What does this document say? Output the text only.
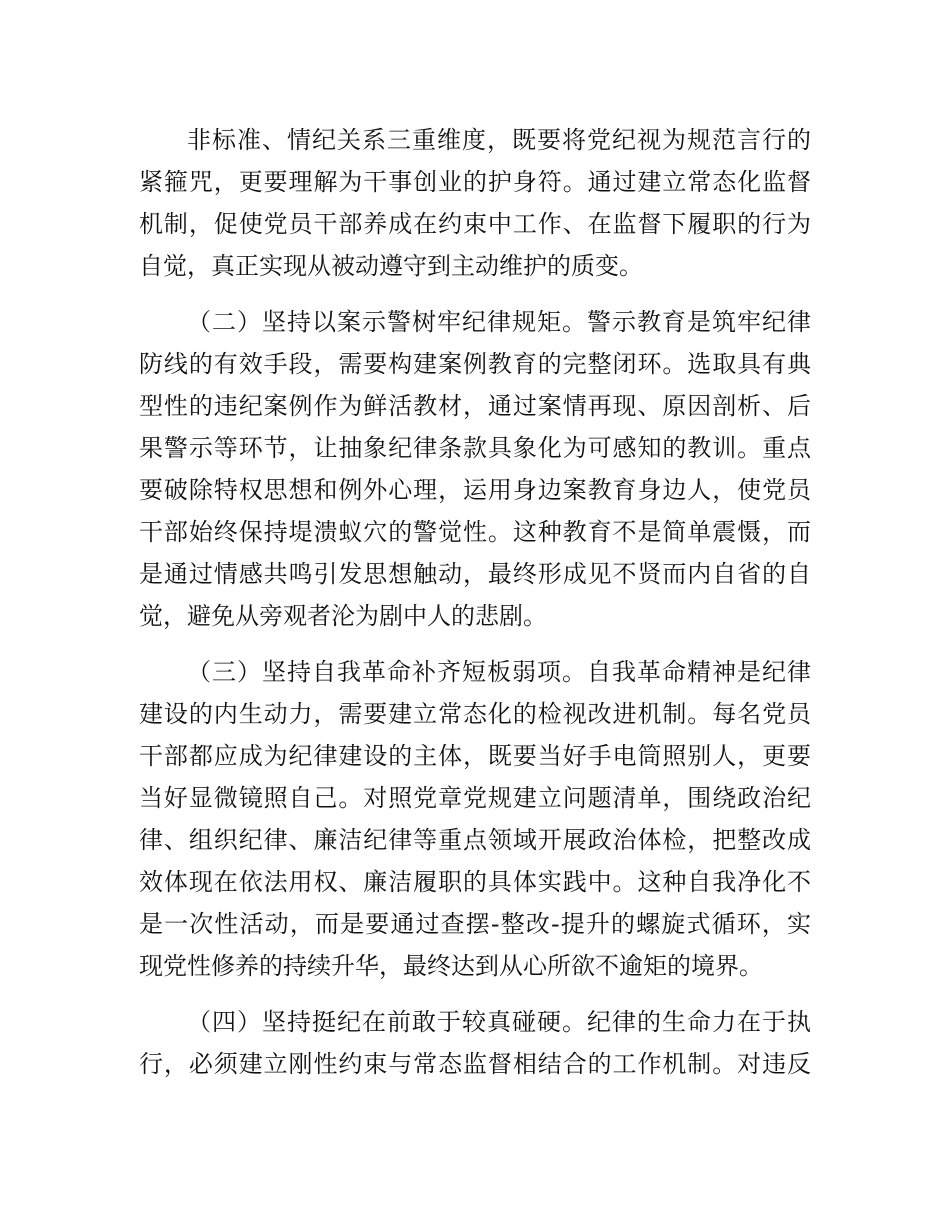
非标准、情纪关系三重维度，既要将党纪视为规范言行的
紧箍咒，更要理解为干事创业的护身符。通过建立常态化监督
机制，促使党员干部养成在约束中工作、在监督下履职的行为
自觉，真正实现从被动遵守到主动维护的质变。
（二）坚持以案示警树牢纪律规矩。警示教育是筑牢纪律
防线的有效手段，需要构建案例教育的完整闭环。选取具有典
型性的违纪案例作为鲜活教材，通过案情再现、原因剖析、后
果警示等环节，让抽象纪律条款具象化为可感知的教训。重点
要破除特权思想和例外心理，运用身边案教育身边人，使党员
干部始终保持堤溃蚁穴的警觉性。这种教育不是简单震慑，而
是通过情感共鸣引发思想触动，最终形成见不贤而内自省的自
觉，避免从旁观者沦为剧中人的悲剧。
（三）坚持自我革命补齐短板弱项。自我革命精神是纪律
建设的内生动力，需要建立常态化的检视改进机制。每名党员
干部都应成为纪律建设的主体，既要当好手电筒照别人，更要
当好显微镜照自己。对照党章党规建立问题清单，围绕政治纪
律、组织纪律、廉洁纪律等重点领域开展政治体检，把整改成
效体现在依法用权、廉洁履职的具体实践中。这种自我净化不
是一次性活动，而是要通过查摆-整改-提升的螺旋式循环，实
现党性修养的持续升华，最终达到从心所欲不逾矩的境界。
（四）坚持挺纪在前敢于较真碰硬。纪律的生命力在于执
行，必须建立刚性约束与常态监督相结合的工作机制。对违反
